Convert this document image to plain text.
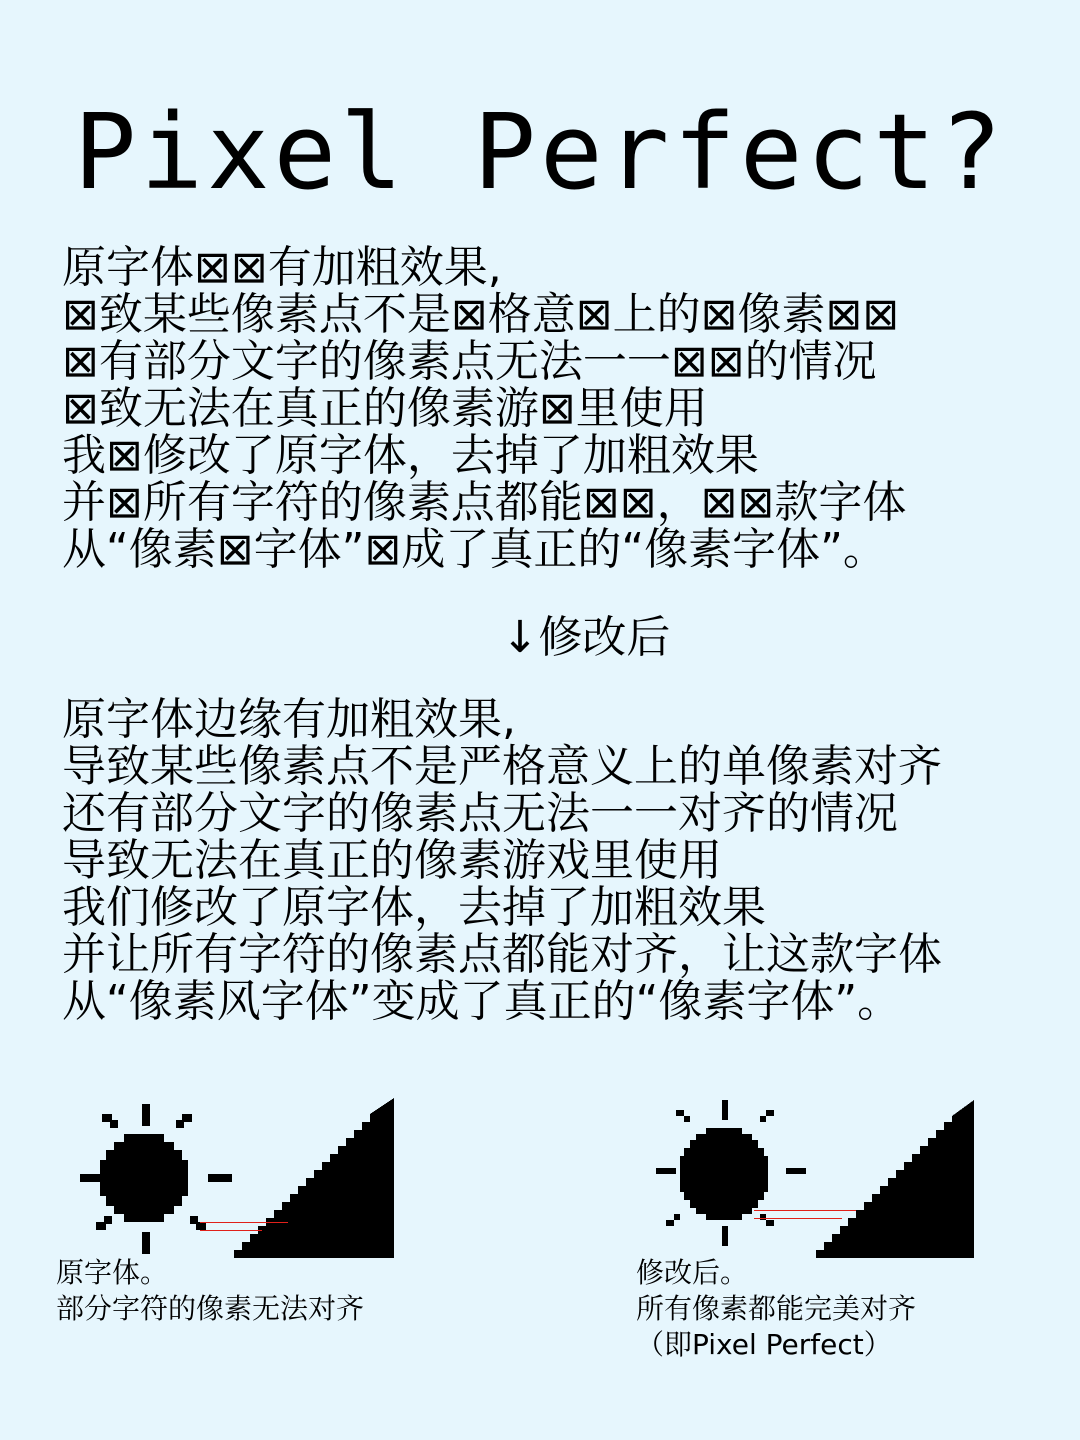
Pixel Perfect?
原字体⊠⊠有加粗效果,
⊠致某些像素点不是⊠格意⊠上的⊠像素⊠⊠
⊠有部分文字的像素点无法一一⊠⊠的情况
⊠致无法在真正的像素游⊠里使用
我⊠修改了原字体，去掉了加粗效果
并⊠所有字符的像素点都能⊠⊠，⊠⊠款字体
从“像素⊠字体”⊠成了真正的“像素字体”。
↓修改后
原字体边缘有加粗效果,
导致某些像素点不是严格意义上的单像素对齐
还有部分文字的像素点无法一一对齐的情况
导致无法在真正的像素游戏里使用
我们修改了原字体，去掉了加粗效果
并让所有字符的像素点都能对齐，让这款字体
从“像素风字体”变成了真正的“像素字体”。
原字体。
部分字符的像素无法对齐
修改后。
所有像素都能完美对齐
（即Pixel Perfect）
